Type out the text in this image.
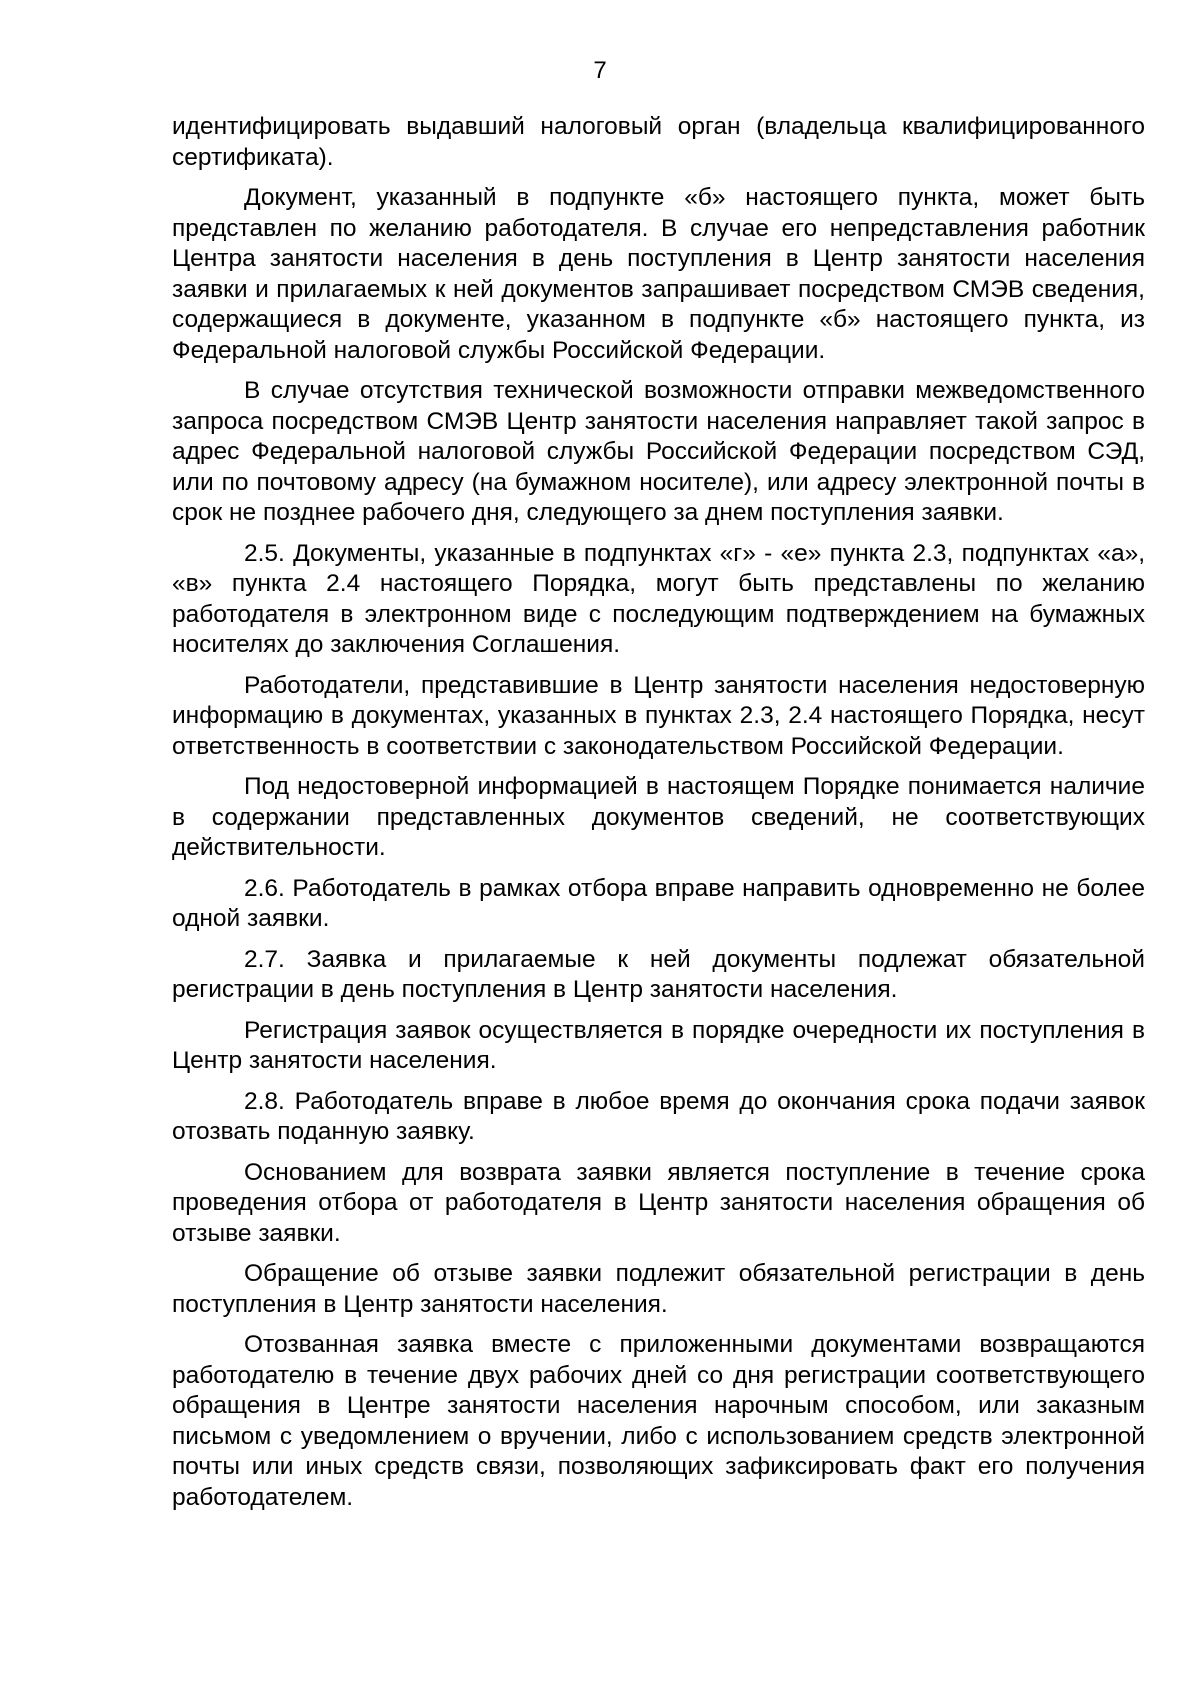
7

идентифицировать выдавший налоговый орган (владельца квалифицированного сертификата).

Документ, указанный в подпункте «б» настоящего пункта, может быть представлен по желанию работодателя. В случае его непредставления работник Центра занятости населения в день поступления в Центр занятости населения заявки и прилагаемых к ней документов запрашивает посредством СМЭВ сведения, содержащиеся в документе, указанном в подпункте «б» настоящего пункта, из Федеральной налоговой службы Российской Федерации.

В случае отсутствия технической возможности отправки межведомственного запроса посредством СМЭВ Центр занятости населения направляет такой запрос в адрес Федеральной налоговой службы Российской Федерации посредством СЭД, или по почтовому адресу (на бумажном носителе), или адресу электронной почты в срок не позднее рабочего дня, следующего за днем поступления заявки.

2.5. Документы, указанные в подпунктах «г» - «е» пункта 2.3, подпунктах «а», «в» пункта 2.4 настоящего Порядка, могут быть представлены по желанию работодателя в электронном виде с последующим подтверждением на бумажных носителях до заключения Соглашения.

Работодатели, представившие в Центр занятости населения недостоверную информацию в документах, указанных в пунктах 2.3, 2.4 настоящего Порядка, несут ответственность в соответствии с законодательством Российской Федерации.

Под недостоверной информацией в настоящем Порядке понимается наличие в содержании представленных документов сведений, не соответствующих действительности.

2.6. Работодатель в рамках отбора вправе направить одновременно не более одной заявки.

2.7. Заявка и прилагаемые к ней документы подлежат обязательной регистрации в день поступления в Центр занятости населения.

Регистрация заявок осуществляется в порядке очередности их поступления в Центр занятости населения.

2.8. Работодатель вправе в любое время до окончания срока подачи заявок отозвать поданную заявку.

Основанием для возврата заявки является поступление в течение срока проведения отбора от работодателя в Центр занятости населения обращения об отзыве заявки.

Обращение об отзыве заявки подлежит обязательной регистрации в день поступления в Центр занятости населения.

Отозванная заявка вместе с приложенными документами возвращаются работодателю в течение двух рабочих дней со дня регистрации соответствующего обращения в Центре занятости населения нарочным способом, или заказным письмом с уведомлением о вручении, либо с использованием средств электронной почты или иных средств связи, позволяющих зафиксировать факт его получения работодателем.
